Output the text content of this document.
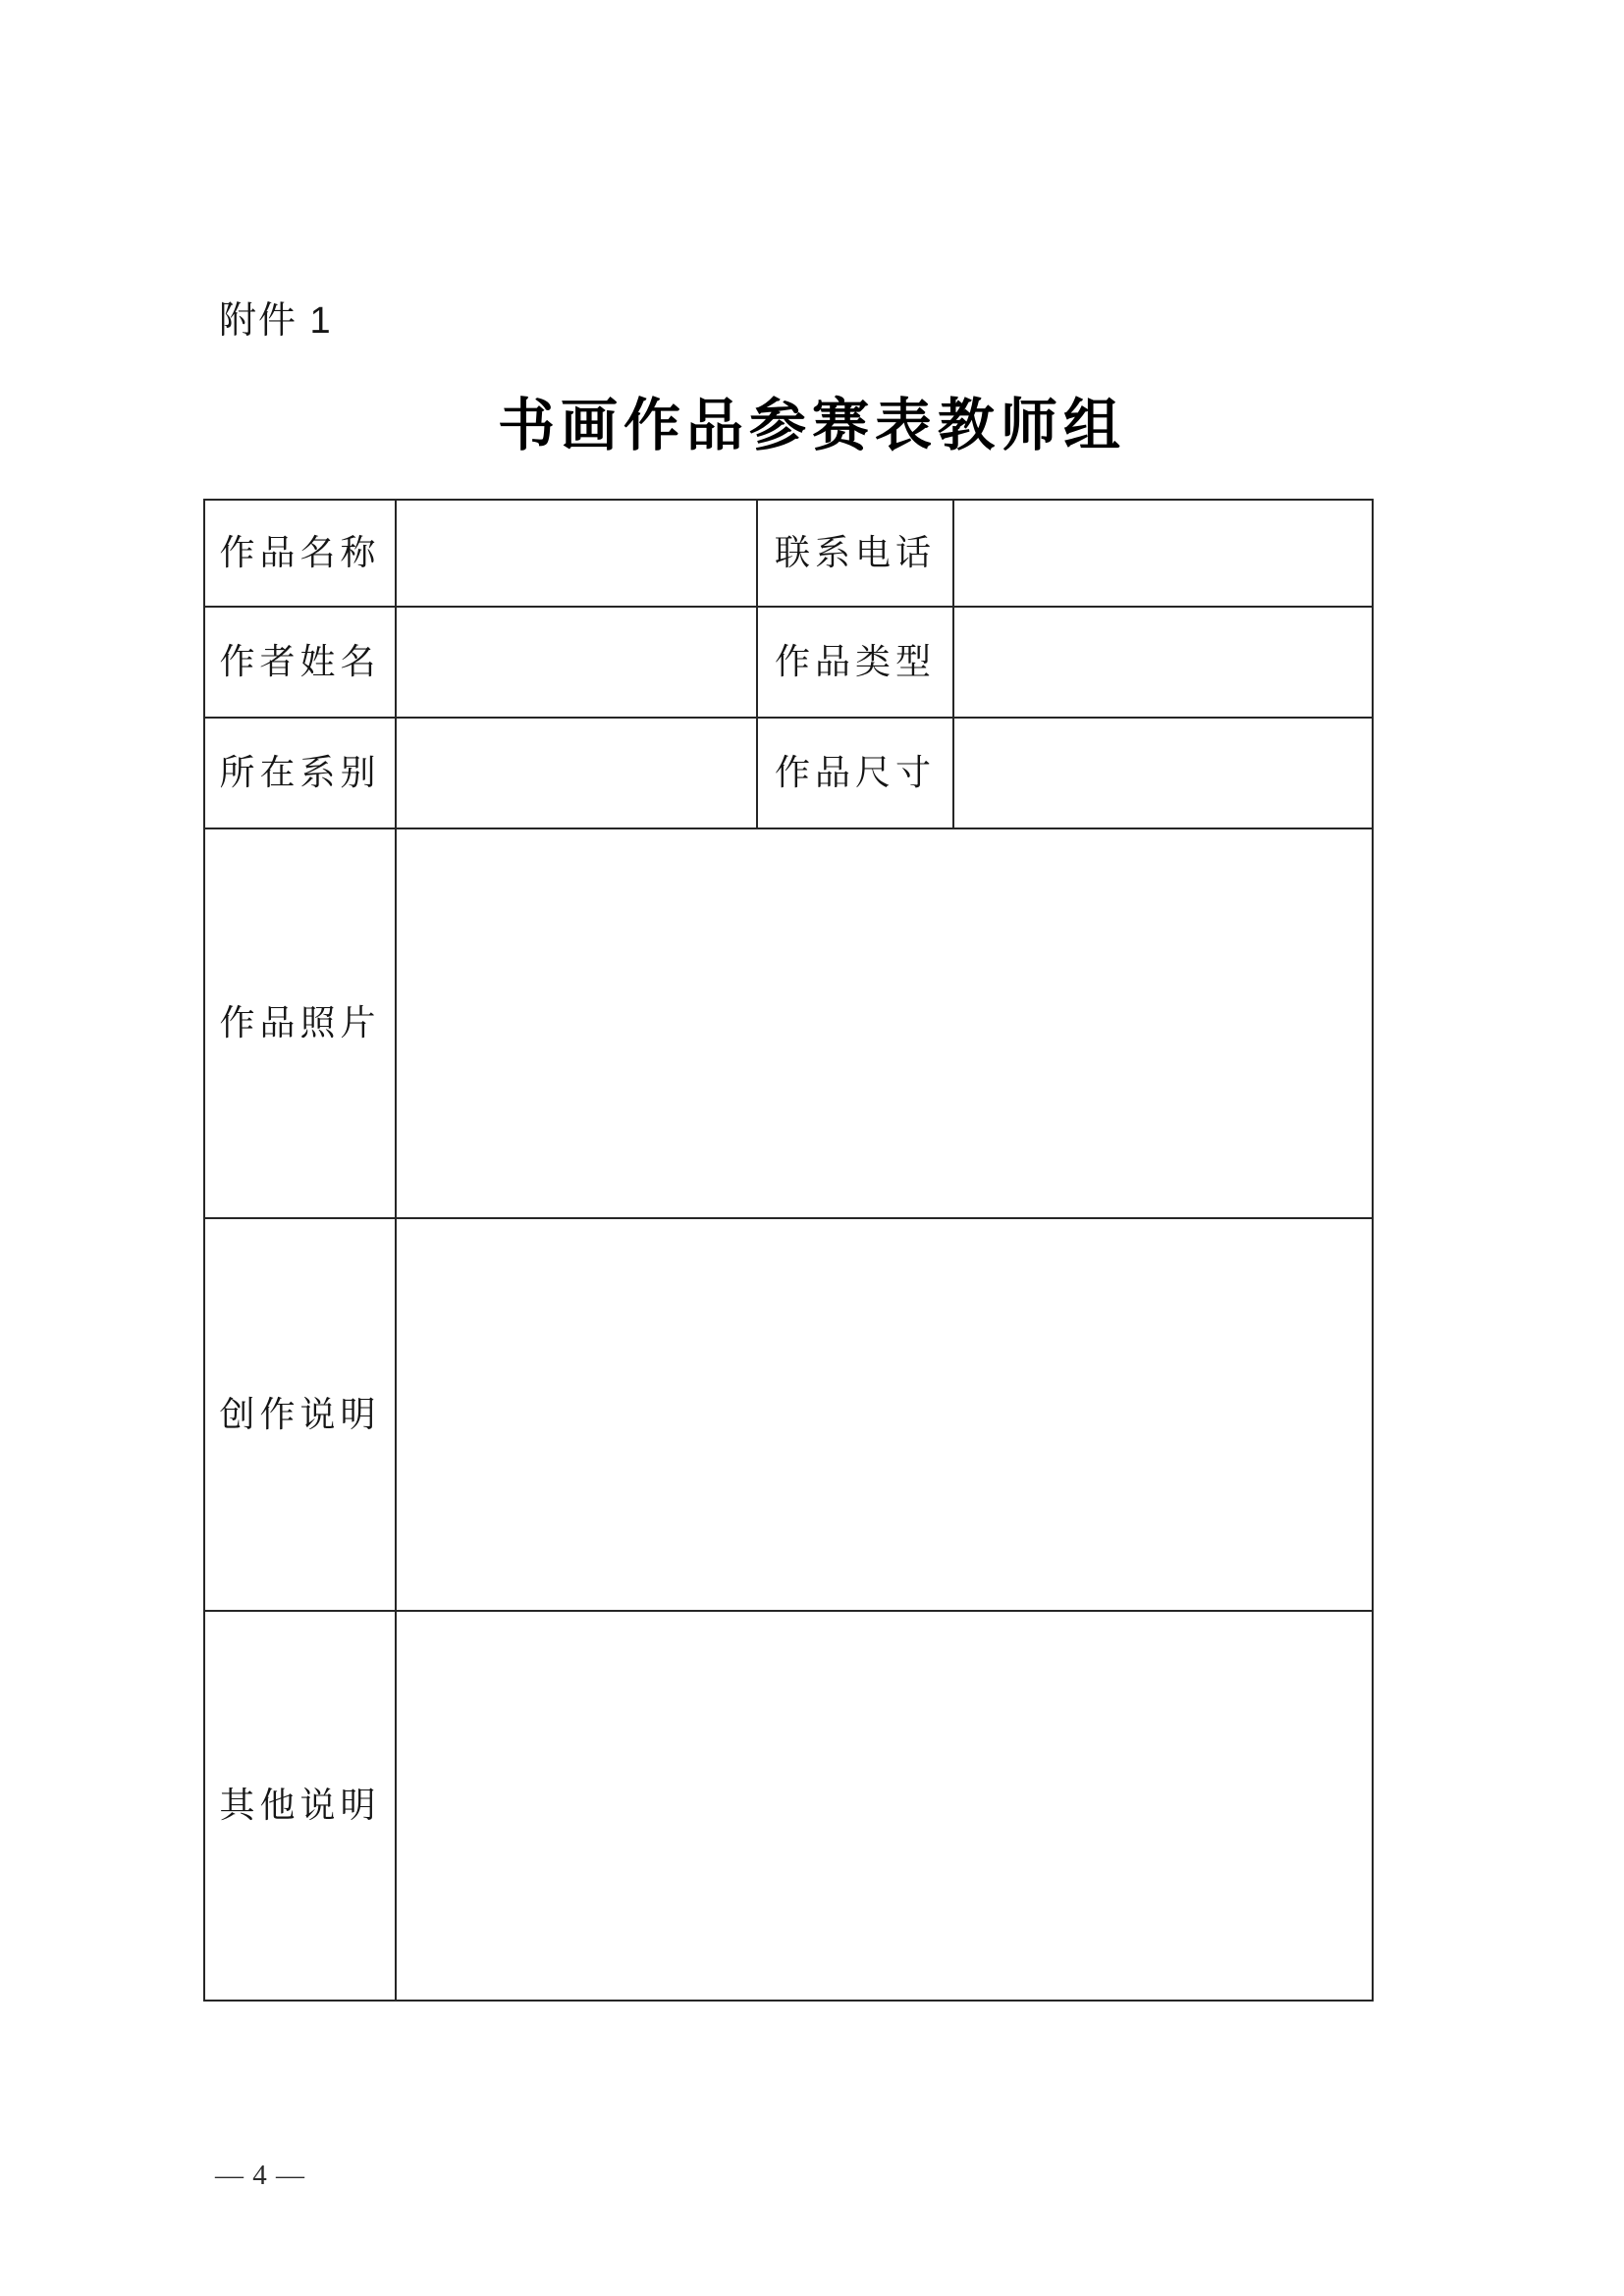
附件 1
书画作品参赛表教师组
作品名称		联系电话	
作者姓名		作品类型	
所在系别		作品尺寸	
作品照片			
创作说明			
其他说明			
— 4 —
